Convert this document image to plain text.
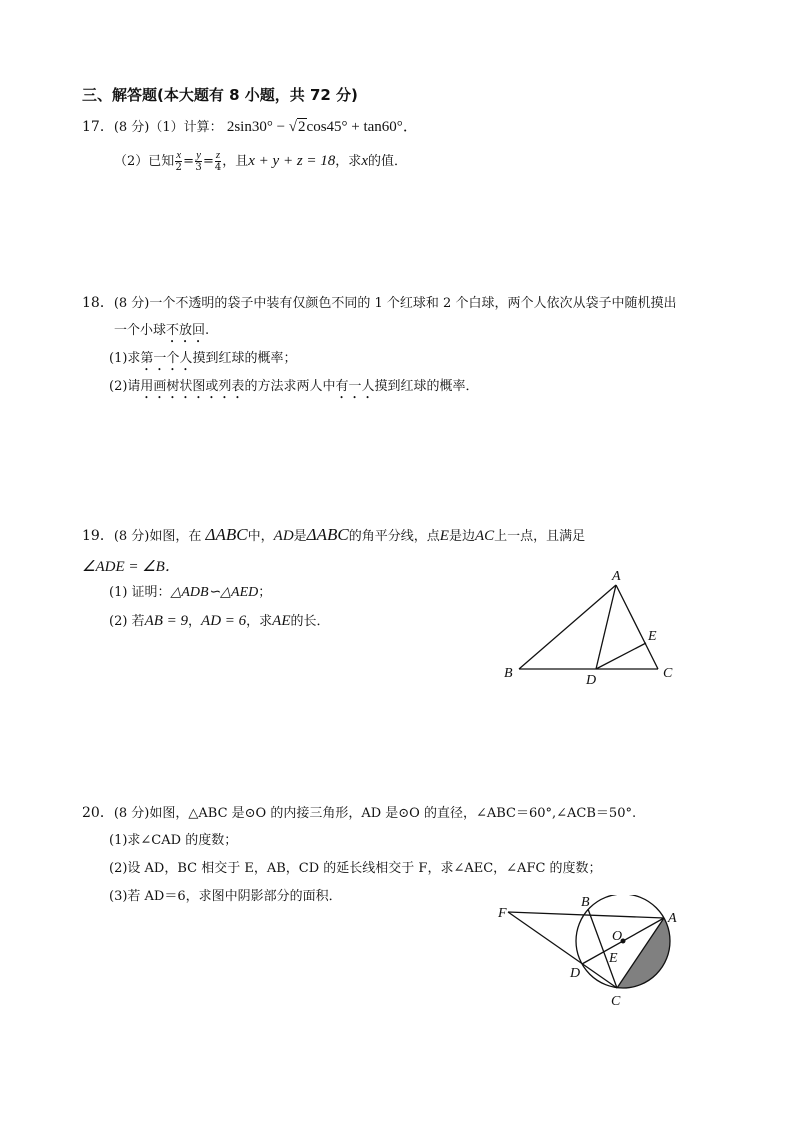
三、解答题(本大题有 8 小题，共 72 分)
17．(8 分)（1）计算： 2sin30° − √2cos45° + tan60°．
（2）已知 $\frac{x}{2} = \frac{y}{3} = \frac{z}{4}$ ，且x + y + z = 18，求x的值．
18．(8 分)一个不透明的袋子中装有仅颜色不同的 1 个红球和 2 个白球，两个人依次从袋子中随机摸出
一个小球不放回.
(1)求第一个人摸到红球的概率；
(2)请用画树状图或列表的方法求两人中有一人摸到红球的概率．
19．(8 分)如图，在 ΔABC中，AD是ΔABC的角平分线，点E是边AC上一点，且满足
∠ADE = ∠B．
(1) 证明：△ADB∽△AED；
(2) 若AB = 9，AD = 6，求AE的长．
A
B	C
D
E
20．(8 分)如图，△ABC 是⊙O 的内接三角形，AD 是⊙O 的直径，∠ABC＝60°,∠ACB＝50°.
(1)求∠CAD 的度数；
(2)设 AD，BC 相交于 E，AB，CD 的延长线相交于 F，求∠AEC，∠AFC 的度数；
(3)若 AD＝6，求图中阴影部分的面积．
F
B
A
O
E
D
C
